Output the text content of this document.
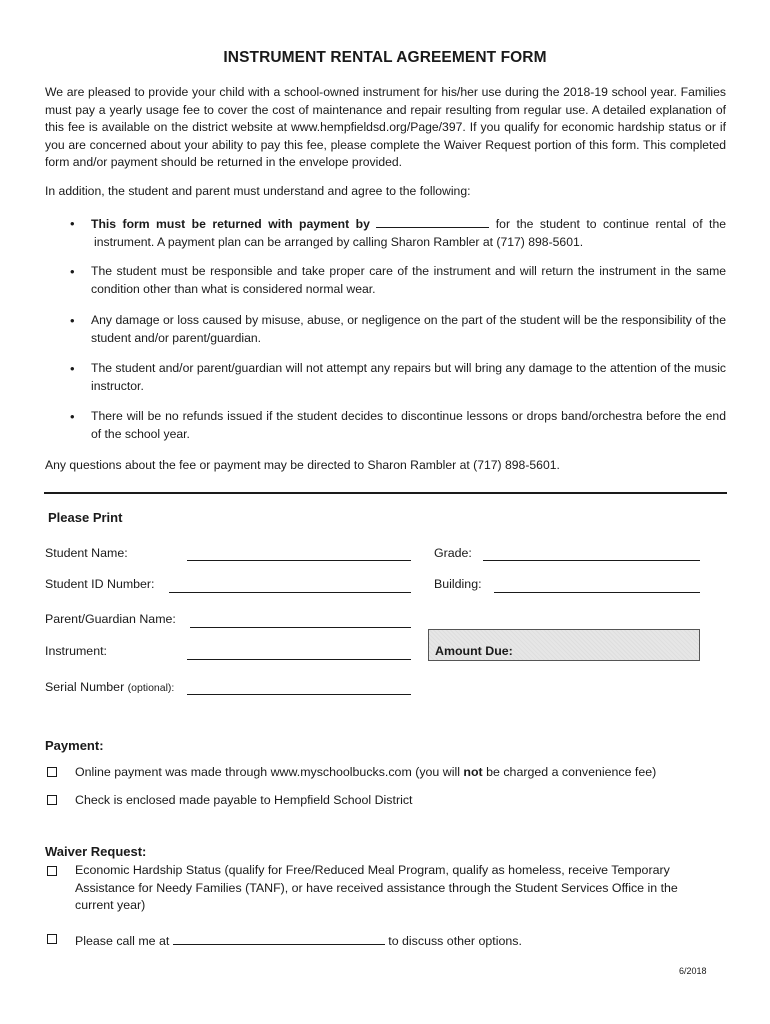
INSTRUMENT RENTAL AGREEMENT FORM

We are pleased to provide your child with a school-owned instrument for his/her use during the 2018-19 school year. Families must pay a yearly usage fee to cover the cost of maintenance and repair resulting from regular use. A detailed explanation of this fee is available on the district website at www.hempfieldsd.org/Page/397. If you qualify for economic hardship status or if you are concerned about your ability to pay this fee, please complete the Waiver Request portion of this form. This completed form and/or payment should be returned in the envelope provided.

In addition, the student and parent must understand and agree to the following:
• This form must be returned with payment by	for the student to continue rental of the

instrument. A payment plan can be arranged by calling Sharon Rambler at (717) 898-5601.

• The student must be responsible and take proper care of the instrument and will return the instrument in the same condition other than what is considered normal wear.
• Any damage or loss caused by misuse, abuse, or negligence on the part of the student will be the responsibility of the student and/or parent/guardian.
• The student and/or parent/guardian will not attempt any repairs but will bring any damage to the attention of the music instructor.
• There will be no refunds issued if the student decides to discontinue lessons or drops band/orchestra before the end of the school year.
Any questions about the fee or payment may be directed to Sharon Rambler at (717) 898-5601.
Please Print
Student Name:	Grade:
Student ID Number:	Building:
Parent/Guardian Name:
Instrument:	Amount Due:
Serial Number (optional):
Payment:
Online payment was made through www.myschoolbucks.com (you will not be charged a convenience fee)
Check is enclosed made payable to Hempfield School District
Waiver Request:
Economic Hardship Status (qualify for Free/Reduced Meal Program, qualify as homeless, receive Temporary Assistance for Needy Families (TANF), or have received assistance through the Student Services Office in the current year)
Please call me at	to discuss other options.
6/2018
